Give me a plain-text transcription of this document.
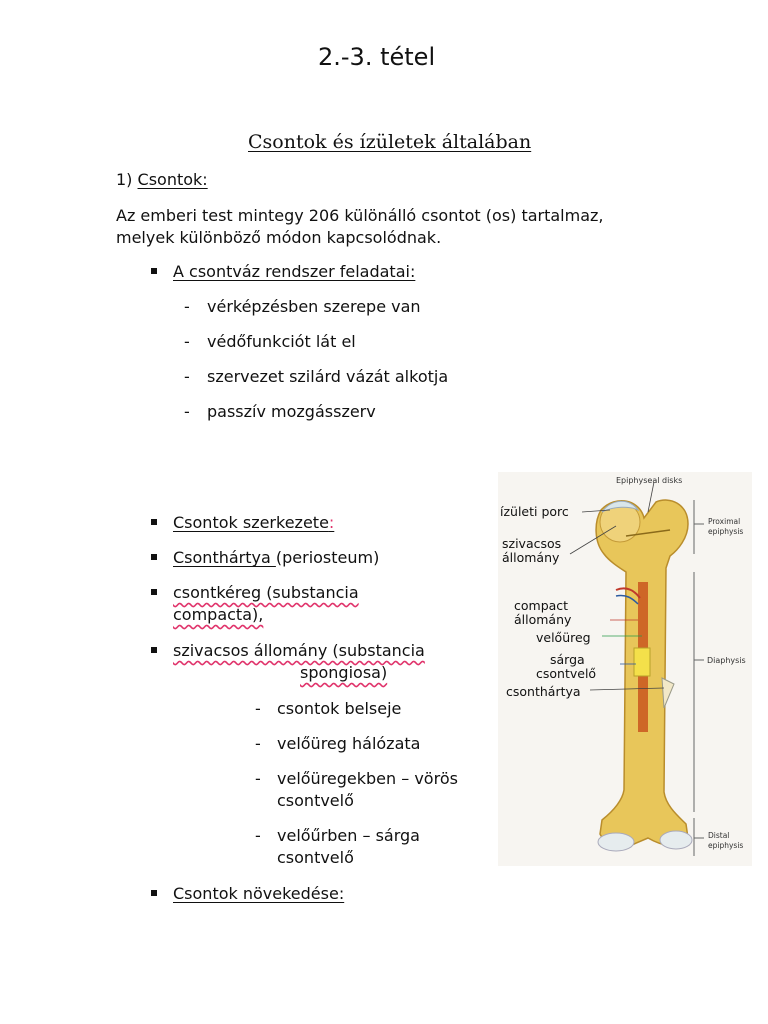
2.-3. tétel
Csontok és ízületek általában
1) Csontok:
Az emberi test mintegy 206 különálló csontot (os) tartalmaz,
melyek különböző módon kapcsolódnak.
A csontváz rendszer feladatai:
- vérképzésben szerepe van
- védőfunkciót lát el
- szervezet szilárd vázát alkotja
- passzív mozgásszerv
Csontok szerkezete:
Csonthártya (periosteum)
csontkéreg (substancia
compacta),
szivacsos állomány (substancia
spongiosa)
- csontok belseje
- velőüreg hálózata
- velőüregekben – vörös
csontvelő
- velőűrben – sárga
csontvelő
Csontok növekedése:
ízületi porc
szivacsos
állomány
compact
állomány
velőüreg
sárga
csontvelő
csonthártya
Epiphyseal disks
Proximal
epiphysis
Diaphysis
Distal
epiphysis
